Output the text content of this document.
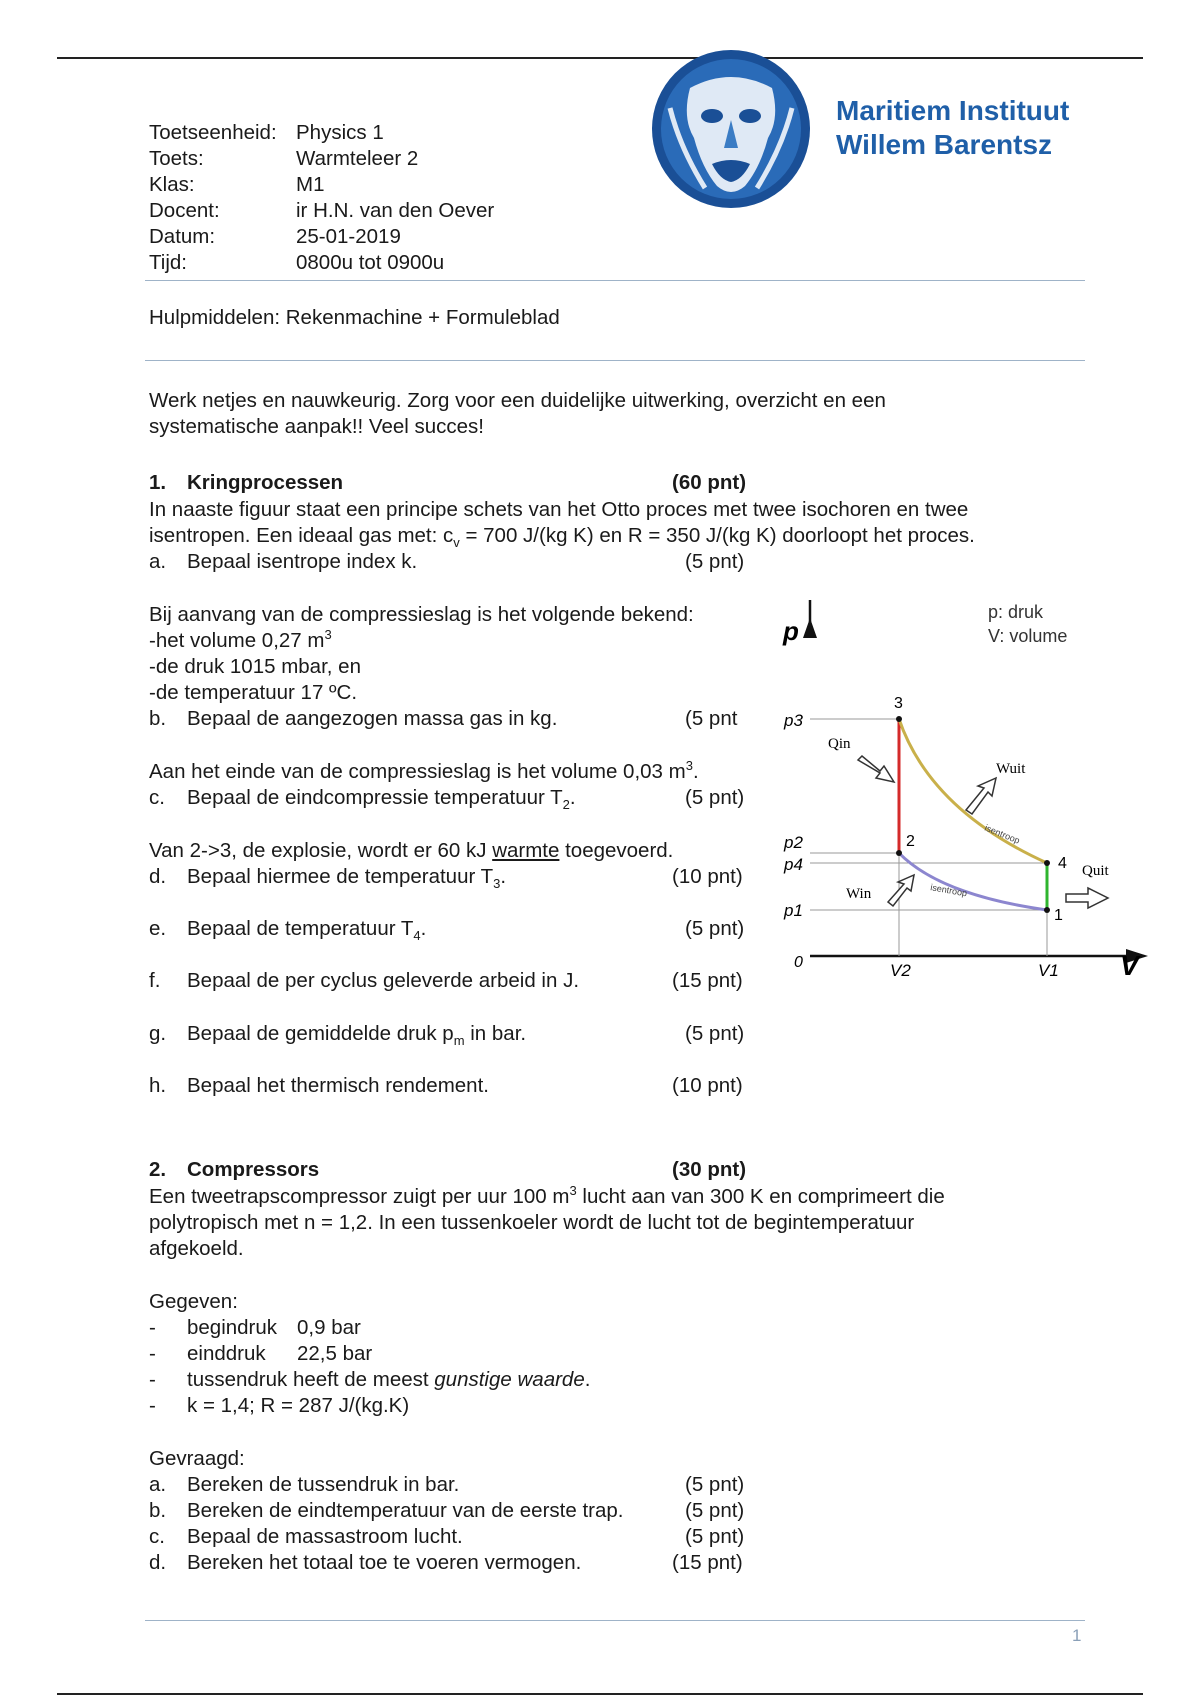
Toetseenheid: Physics 1
Toets:	Warmteleer 2
Klas:	M1
Docent:	ir H.N. van den Oever
Datum:	25-01-2019
Tijd:	0800u tot 0900u
Maritiem Instituut
Willem Barentsz
Hulpmiddelen: Rekenmachine + Formuleblad
Werk netjes en nauwkeurig. Zorg voor een duidelijke uitwerking, overzicht en een
systematische aanpak!! Veel succes!
1. Kringprocessen	(60 pnt)
In naaste figuur staat een principe schets van het Otto proces met twee isochoren en twee
isentropen. Een ideaal gas met: $c_v = 700$ J/(kg K) en R = 350 J/(kg K) doorloopt het proces.
a. Bepaal isentrope index k.	(5 pnt)
Bij aanvang van de compressieslag is het volgende bekend:
-het volume 0,27 $m^3$
-de druk 1015 mbar, en
-de temperatuur 17 ºC.
b. Bepaal de aangezogen massa gas in kg.	(5 pnt
Aan het einde van de compressieslag is het volume 0,03 $m^3$.
c. Bepaal de eindcompressie temperatuur $T_2$.	(5 pnt)
Van 2->3, de explosie, wordt er 60 kJ warmte toegevoerd.
d. Bepaal hiermee de temperatuur $T_3$.	(10 pnt)
e. Bepaal de temperatuur $T_4$.	(5 pnt)
f. Bepaal de per cyclus geleverde arbeid in J.	(15 pnt)
g. Bepaal de gemiddelde druk $p_m$ in bar.	(5 pnt)
h. Bepaal het thermisch rendement.	(10 pnt)
p
V
0
p: druk
V: volume
p3
p2
p4
p1
V2	V1
3
2
4
1
Qin
Quit
Wuit
Win
isentroop
isentroop
2. Compressors	(30 pnt)
Een tweetrapscompressor zuigt per uur 100 $m^3$ lucht aan van 300 K en comprimeert die
polytropisch met n = 1,2. In een tussenkoeler wordt de lucht tot de begintemperatuur
afgekoeld.
Gegeven:
- begindruk 0,9 bar
- einddruk 22,5 bar
- tussendruk heeft de meest gunstige waarde.
- k = 1,4; R = 287 J/(kg.K)
Gevraagd:
a. Bereken de tussendruk in bar.	(5 pnt)
b. Bereken de eindtemperatuur van de eerste trap.	(5 pnt)
c. Bepaal de massastroom lucht.	(5 pnt)
d. Bereken het totaal toe te voeren vermogen.	(15 pnt)
1
